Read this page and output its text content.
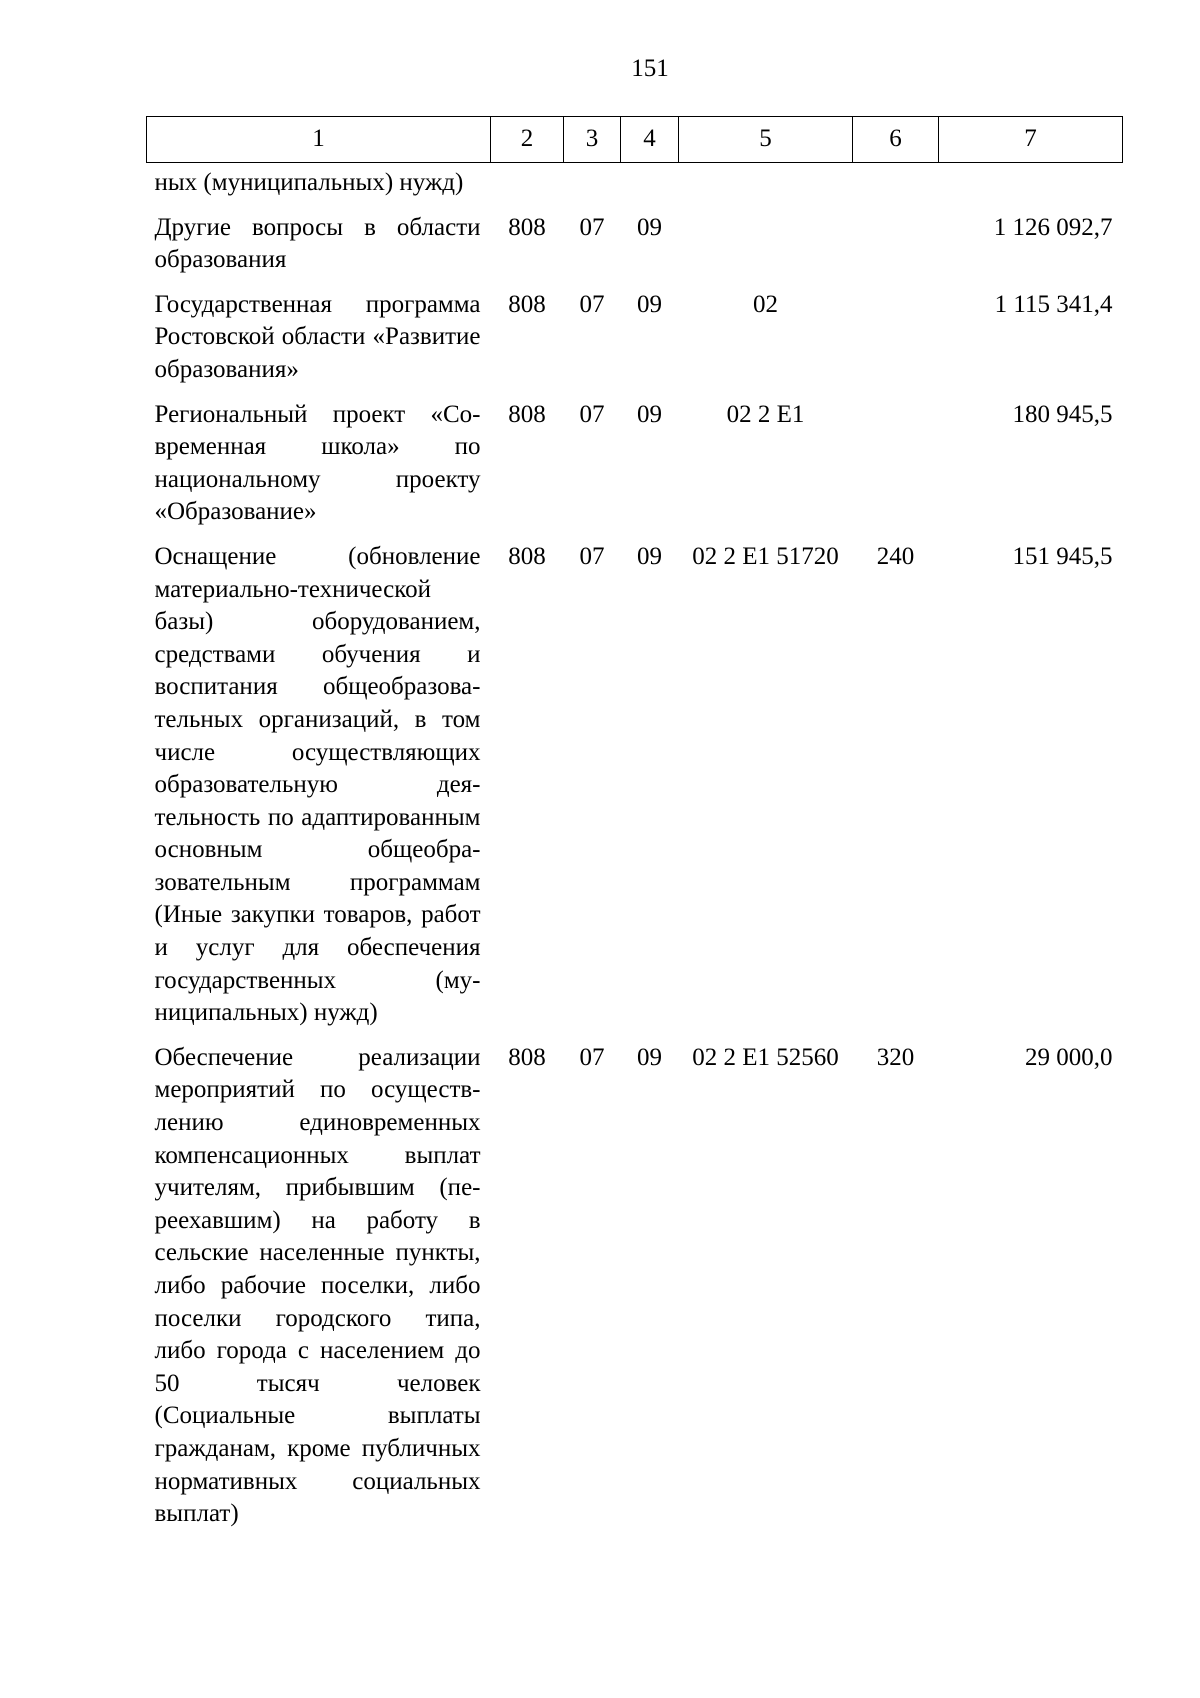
151
1	2	3	4	5	6	7
ных (муниципальных) нужд)						
Другие вопросы в области образования	808	07	09			1 126 092,7
Государственная программа Ростовской области «Развитие образования»	808	07	09	02		1 115 341,4
Региональный проект «Современная школа» по национальному проекту «Образование»	808	07	09	02 2 E1		180 945,5
Оснащение (обновление материально-технической базы) оборудованием, средствами обучения и воспитания общеобразовательных организаций, в том числе осуществляющих образовательную деятельность по адаптированным основным общеобразовательным программам (Иные закупки товаров, работ и услуг для обеспечения государственных (муниципальных) нужд)	808	07	09	02 2 E1 51720	240	151 945,5
Обеспечение реализации мероприятий по осуществлению единовременных компенсационных выплат учителям, прибывшим (переехавшим) на работу в сельские населенные пункты, либо рабочие поселки, либо поселки городского типа, либо города с населением до 50 тысяч человек (Социальные выплаты гражданам, кроме публичных нормативных социальных выплат)	808	07	09	02 2 E1 52560	320	29 000,0
